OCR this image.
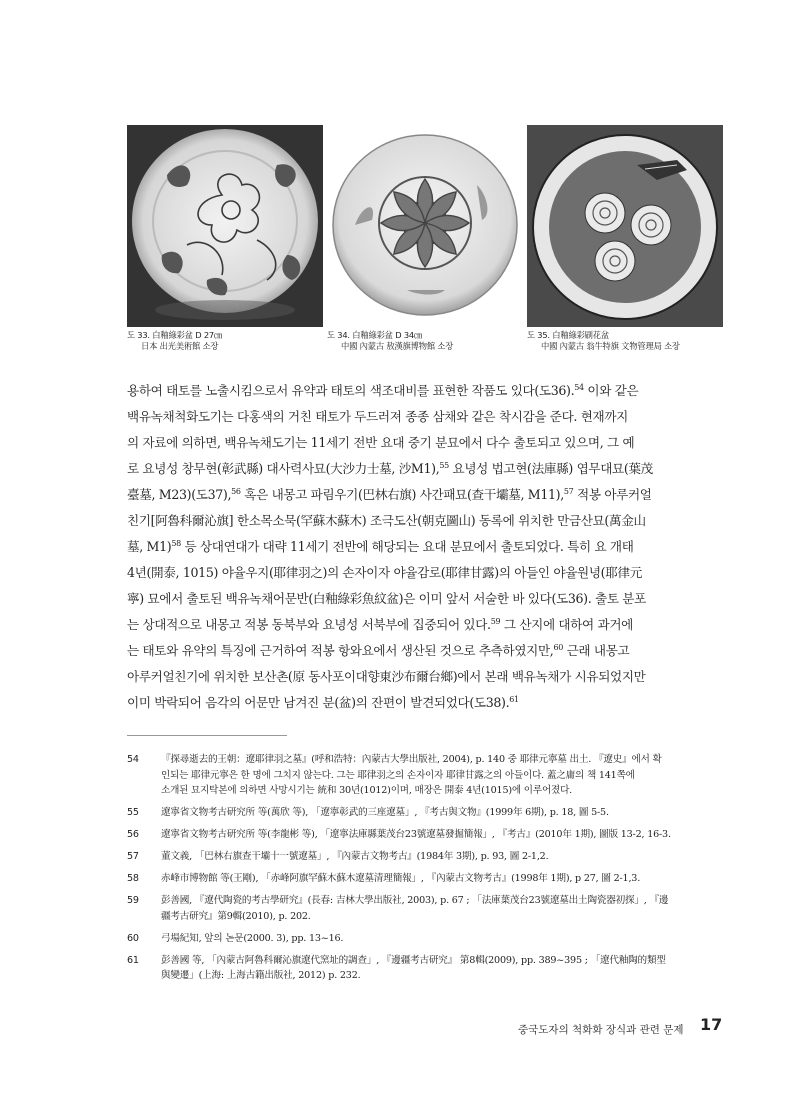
도 33. 白釉綠彩盆 D 27㎝
日本 出光美術館 소장
도 34. 白釉綠彩盆 D 34㎝
中國 內蒙古 敖漢旗博物館 소장
도 35. 白釉綠彩刷花盆
中國 內蒙古 翁牛特旗 文物管理局 소장

용하여 태토를 노출시킴으로서 유약과 태토의 색조대비를 표현한 작품도 있다(도36).$^{54}$ 이와 같은

백유녹채척화도기는 다홍색의 거친 태토가 두드러져 종종 삼채와 같은 착시감을 준다. 현재까지

의 자료에 의하면, 백유녹채도기는 11세기 전반 요대 중기 분묘에서 다수 출토되고 있으며, 그 예

로 요녕성 창무현(彰武縣) 대사력사묘(大沙力士墓, 沙M1),$^{55}$ 요녕성 법고현(法庫縣) 엽무대묘(葉茂

臺墓, M23)(도37),$^{56}$ 혹은 내몽고 파림우기(巴林右旗) 사간패묘(查干壩墓, M11),$^{57}$ 적봉 아루커얼

친기[阿魯科爾沁旗] 한소목소묵(罕蘇木蘇木) 조극도산(朝克圖山) 동록에 위치한 만금산묘(萬金山

墓, M1)$^{58}$ 등 상대연대가 대략 11세기 전반에 해당되는 요대 분묘에서 출토되었다. 특히 요 개태

4년(開泰, 1015) 야율우지(耶律羽之)의 손자이자 야율감로(耶律甘露)의 아들인 야율원녕(耶律元

寧) 묘에서 출토된 백유녹채어문반(白釉綠彩魚紋盆)은 이미 앞서 서술한 바 있다(도36). 출토 분포

는 상대적으로 내몽고 적봉 동북부와 요녕성 서북부에 집중되어 있다.$^{59}$ 그 산지에 대하여 과거에

는 태토와 유약의 특징에 근거하여 적봉 항와요에서 생산된 것으로 추측하였지만,$^{60}$ 근래 내몽고

아루커얼친기에 위치한 보산촌(原 동사포이대향東沙布爾台鄉)에서 본래 백유녹채가 시유되었지만

이미 박락되어 음각의 어문만 남겨진 분(盆)의 잔편이 발견되었다(도38).$^{61}$

54	『探尋逝去的王朝：遼耶律羽之墓』(呼和浩特：內蒙古大學出版社, 2004), p. 140 중 耶律元寧墓 出土. 『遼史』에서 확
인되는 耶律元寧은 한 명에 그치지 않는다. 그는 耶律羽之의 손자이자 耶律甘露之의 아들이다. 蓋之庸의 책 141쪽에
소개된 묘지탁본에 의하면 사망시기는 統和 30년(1012)이며, 매장은 開泰 4년(1015)에 이루어졌다.
55	遼寧省文物考古研究所 等(萬欣 等), 「遼寧彰武的三座遼墓」, 『考古與文物』(1999年 6期), p. 18, 圖 5-5.
56	遼寧省文物考古研究所 等(李龍彬 等), 「遼寧法庫縣葉茂台23號遼墓發掘簡報」, 『考古』(2010年 1期), 圖版 13-2, 16-3.
57	董文義, 「巴林右旗查干壩十一號遼墓」, 『內蒙古文物考古』(1984年 3期), p. 93, 圖 2-1,2.
58	赤峰市博物館 等(王剛), 「赤峰阿旗罕蘇木蘇木遼墓清理簡報」, 『內蒙古文物考古』(1998年 1期), p 27, 圖 2-1,3.
59	彭善國, 『遼代陶瓷的考古學研究』(長春: 吉林大學出版社, 2003), p. 67 ; 「法庫葉茂台23號遼墓出土陶瓷器初探」, 『邊
疆考古研究』第9輯(2010), p. 202.
60	弓場紀知, 앞의 논문(2000. 3), pp. 13~16.
61	彭善國 等, 「內蒙古阿魯科爾沁旗遼代窯址的調查」, 『邊疆考古研究』 第8輯(2009), pp. 389~395 ; 「遼代釉陶的類型
與變遷」(上海: 上海古籍出版社, 2012) p. 232.
중국도자의 척화화 장식과 관련 문제 17
